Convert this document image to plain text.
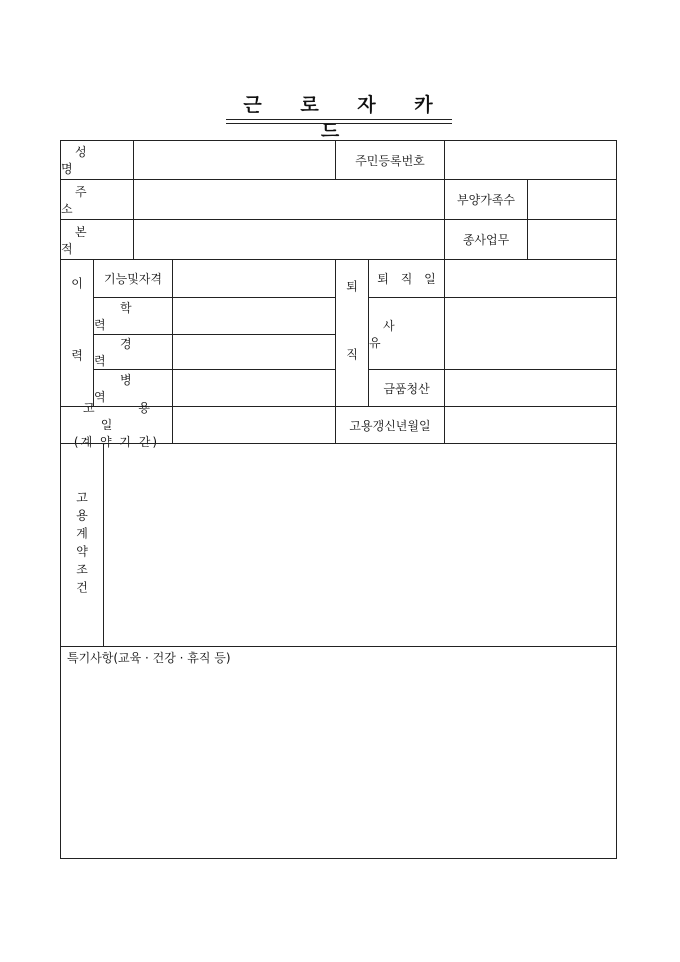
근 로 자 카 드
성 명
주민등록번호
주 소
부양가족수
본 적
종사업무
이 력	기능및자격
학 력
경 력
병 역
퇴 직
퇴 직 일
사 유
금품청산
고 용 일
(계 약 기 간)
고용갱신년월일
고용계약조건
특기사항(교육 · 건강 · 휴직 등)
